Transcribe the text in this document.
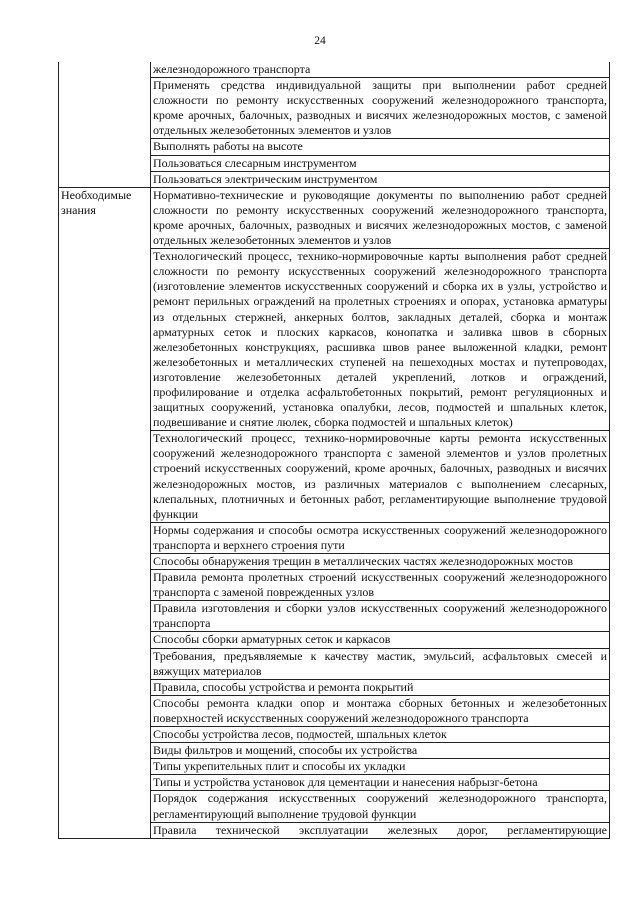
24
	железнодорожного транспорта
	Применять средства индивидуальной защиты при выполнении работ средней сложности по ремонту искусственных сооружений железнодорожного транспорта, кроме арочных, балочных, разводных и висячих железнодорожных мостов, с заменой отдельных железобетонных элементов и узлов
	Выполнять работы на высоте
	Пользоваться слесарным инструментом
	Пользоваться электрическим инструментом
Необходимые знания	Нормативно-технические и руководящие документы по выполнению работ средней сложности по ремонту искусственных сооружений железнодорожного транспорта, кроме арочных, балочных, разводных и висячих железнодорожных мостов, с заменой отдельных железобетонных элементов и узлов
	Технологический процесс, технико-нормировочные карты выполнения работ средней сложности по ремонту искусственных сооружений железнодорожного транспорта (изготовление элементов искусственных сооружений и сборка их в узлы, устройство и ремонт перильных ограждений на пролетных строениях и опорах, установка арматуры из отдельных стержней, анкерных болтов, закладных деталей, сборка и монтаж арматурных сеток и плоских каркасов, конопатка и заливка швов в сборных железобетонных конструкциях, расшивка швов ранее выложенной кладки, ремонт железобетонных и металлических ступеней на пешеходных мостах и путепроводах, изготовление железобетонных деталей укреплений, лотков и ограждений, профилирование и отделка асфальтобетонных покрытий, ремонт регуляционных и защитных сооружений, установка опалубки, лесов, подмостей и шпальных клеток, подвешивание и снятие люлек, сборка подмостей и шпальных клеток)
	Технологический процесс, технико-нормировочные карты ремонта искусственных сооружений железнодорожного транспорта с заменой элементов и узлов пролетных строений искусственных сооружений, кроме арочных, балочных, разводных и висячих железнодорожных мостов, из различных материалов с выполнением слесарных, клепальных, плотничных и бетонных работ, регламентирующие выполнение трудовой функции
	Нормы содержания и способы осмотра искусственных сооружений железнодорожного транспорта и верхнего строения пути
	Способы обнаружения трещин в металлических частях железнодорожных мостов
	Правила ремонта пролетных строений искусственных сооружений железнодорожного транспорта с заменой поврежденных узлов
	Правила изготовления и сборки узлов искусственных сооружений железнодорожного транспорта
	Способы сборки арматурных сеток и каркасов
	Требования, предъявляемые к качеству мастик, эмульсий, асфальтовых смесей и вяжущих материалов
	Правила, способы устройства и ремонта покрытий
	Способы ремонта кладки опор и монтажа сборных бетонных и железобетонных поверхностей искусственных сооружений железнодорожного транспорта
	Способы устройства лесов, подмостей, шпальных клеток
	Виды фильтров и мощений, способы их устройства
	Типы укрепительных плит и способы их укладки
	Типы и устройства установок для цементации и нанесения набрызг-бетона
	Порядок содержания искусственных сооружений железнодорожного транспорта, регламентирующий выполнение трудовой функции
	Правила технической эксплуатации железных дорог, регламентирующие
